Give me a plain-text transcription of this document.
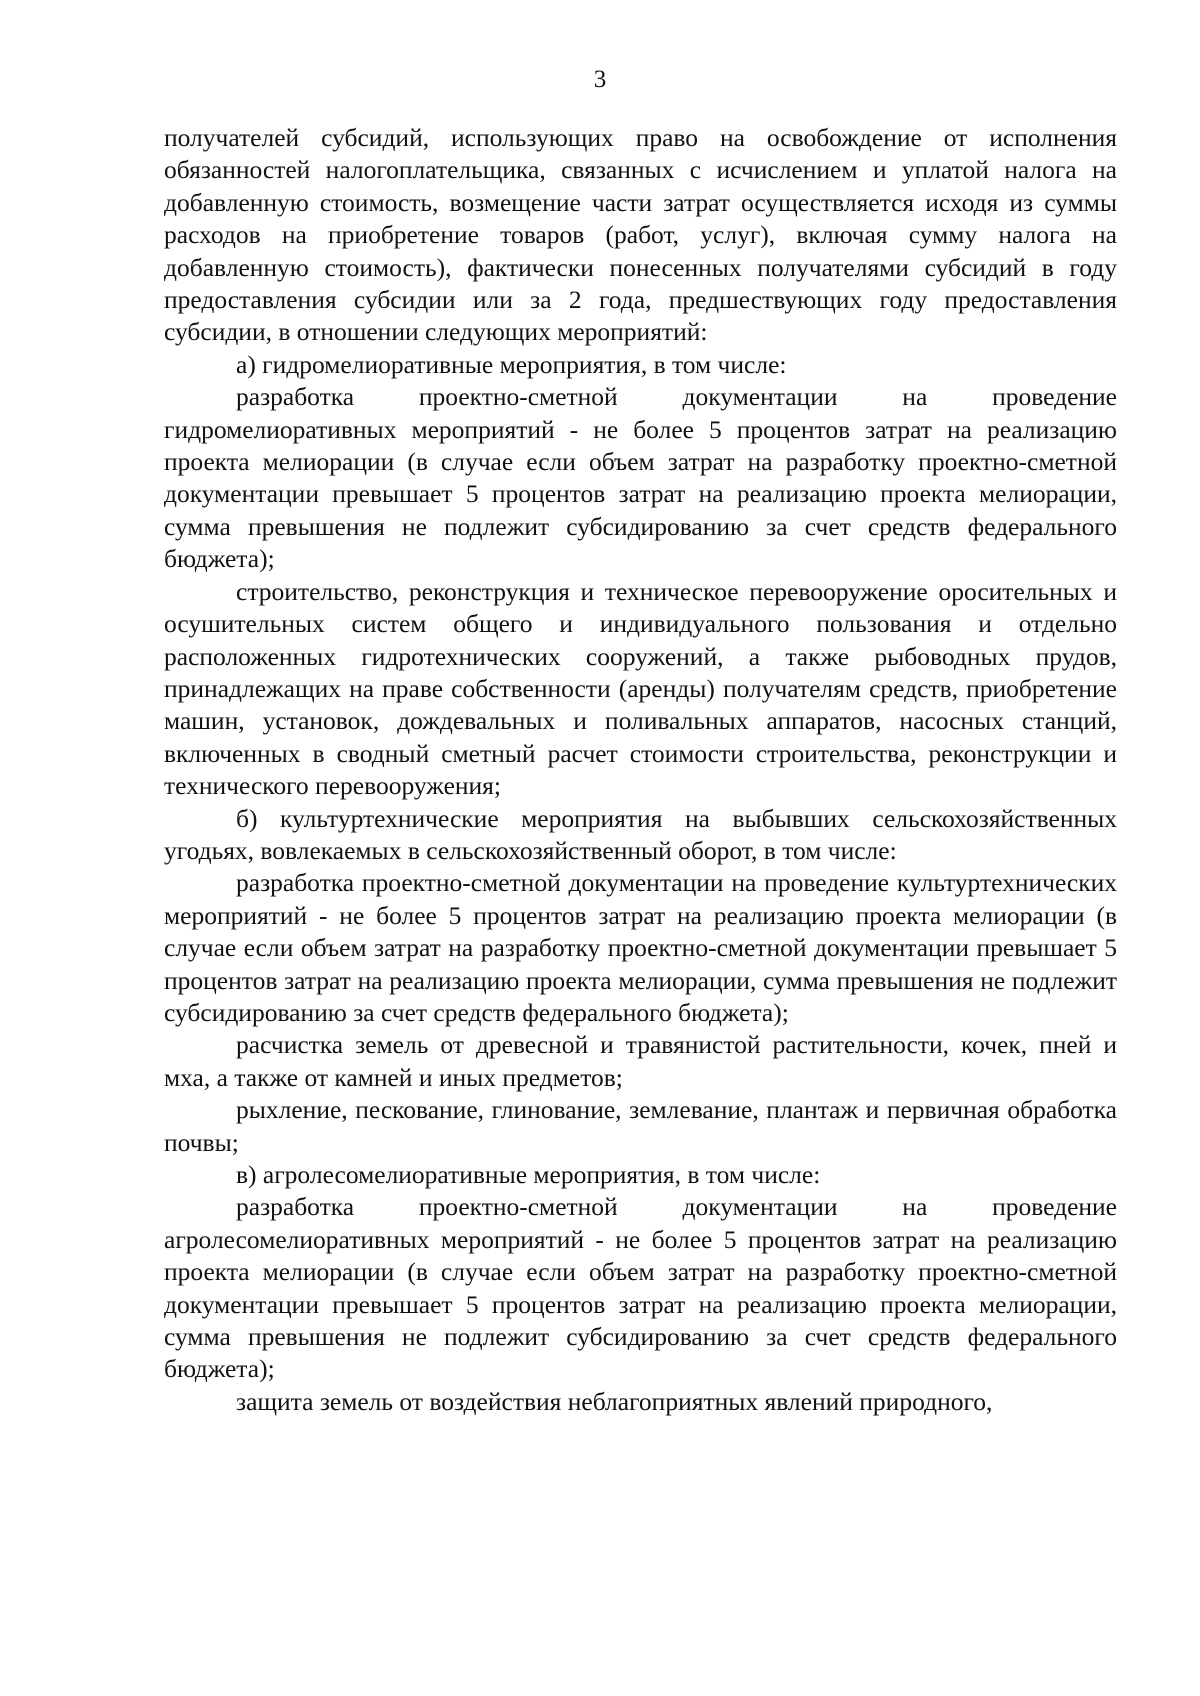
3

получателей субсидий, использующих право на освобождение от исполнения обязанностей налогоплательщика, связанных с исчислением и уплатой налога на добавленную стоимость, возмещение части затрат осуществляется исходя из суммы расходов на приобретение товаров (работ, услуг), включая сумму налога на добавленную стоимость), фактически понесенных получателями субсидий в году предоставления субсидии или за 2 года, предшествующих году предоставления субсидии, в отношении следующих мероприятий:

а) гидромелиоративные мероприятия, в том числе:

разработка проектно-сметной документации на проведение гидромелиоративных мероприятий - не более 5 процентов затрат на реализацию проекта мелиорации (в случае если объем затрат на разработку проектно-сметной документации превышает 5 процентов затрат на реализацию проекта мелиорации, сумма превышения не подлежит субсидированию за счет средств федерального бюджета);

строительство, реконструкция и техническое перевооружение оросительных и осушительных систем общего и индивидуального пользования и отдельно расположенных гидротехнических сооружений, а также рыбоводных прудов, принадлежащих на праве собственности (аренды) получателям средств, приобретение машин, установок, дождевальных и поливальных аппаратов, насосных станций, включенных в сводный сметный расчет стоимости строительства, реконструкции и технического перевооружения;

б) культуртехнические мероприятия на выбывших сельскохозяйственных угодьях, вовлекаемых в сельскохозяйственный оборот, в том числе:

разработка проектно-сметной документации на проведение культуртехнических мероприятий - не более 5 процентов затрат на реализацию проекта мелиорации (в случае если объем затрат на разработку проектно-сметной документации превышает 5 процентов затрат на реализацию проекта мелиорации, сумма превышения не подлежит субсидированию за счет средств федерального бюджета);

расчистка земель от древесной и травянистой растительности, кочек, пней и мха, а также от камней и иных предметов;

рыхление, пескование, глинование, землевание, плантаж и первичная обработка почвы;

в) агролесомелиоративные мероприятия, в том числе:

разработка проектно-сметной документации на проведение агролесомелиоративных мероприятий - не более 5 процентов затрат на реализацию проекта мелиорации (в случае если объем затрат на разработку проектно-сметной документации превышает 5 процентов затрат на реализацию проекта мелиорации, сумма превышения не подлежит субсидированию за счет средств федерального бюджета);

защита земель от воздействия неблагоприятных явлений природного,
